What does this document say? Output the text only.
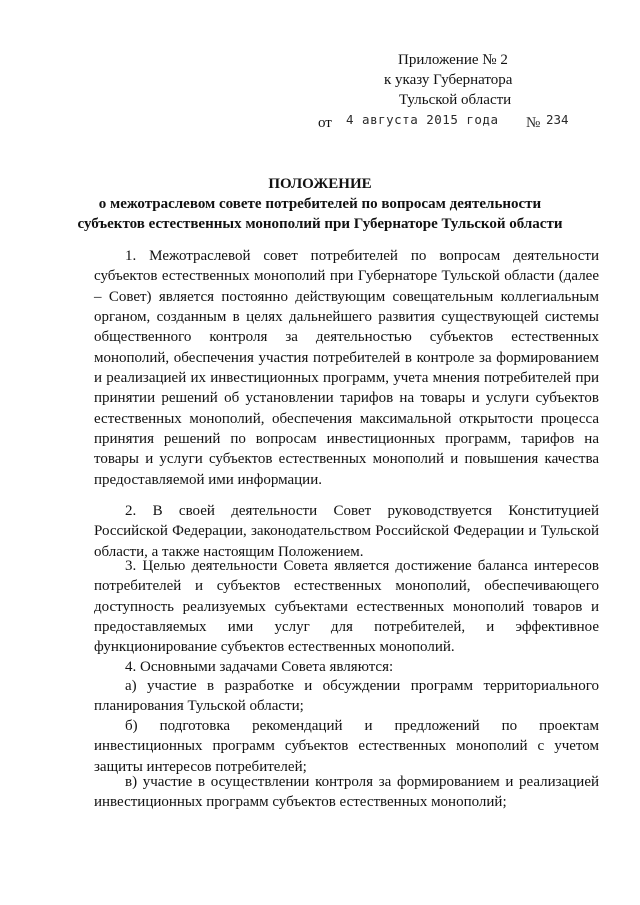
Приложение № 2
к указу Губернатора
Тульской области
от 4 августа 2015 года № 234
ПОЛОЖЕНИЕ
о межотраслевом совете потребителей по вопросам деятельности
субъектов естественных монополий при Губернаторе Тульской области

1. Межотраслевой совет потребителей по вопросам деятельности субъектов естественных монополий при Губернаторе Тульской области (далее – Совет) является постоянно действующим совещательным коллегиальным органом, созданным в целях дальнейшего развития существующей системы общественного контроля за деятельностью субъектов естественных монополий, обеспечения участия потребителей в контроле за формированием и реализацией их инвестиционных программ, учета мнения потребителей при принятии решений об установлении тарифов на товары и услуги субъектов естественных монополий, обеспечения максимальной открытости процесса принятия решений по вопросам инвестиционных программ, тарифов на товары и услуги субъектов естественных монополий и повышения качества предоставляемой ими информации.

2. В своей деятельности Совет руководствуется Конституцией Российской Федерации, законодательством Российской Федерации и Тульской области, а также настоящим Положением.

3. Целью деятельности Совета является достижение баланса интересов потребителей и субъектов естественных монополий, обеспечивающего доступность реализуемых субъектами естественных монополий товаров и предоставляемых ими услуг для потребителей, и эффективное функционирование субъектов естественных монополий.

4. Основными задачами Совета являются:

а) участие в разработке и обсуждении программ территориального планирования Тульской области;

б) подготовка рекомендаций и предложений по проектам инвестиционных программ субъектов естественных монополий с учетом защиты интересов потребителей;

в) участие в осуществлении контроля за формированием и реализацией инвестиционных программ субъектов естественных монополий;
